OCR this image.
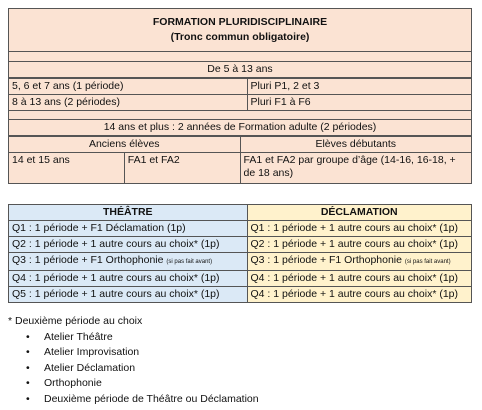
FORMATION PLURIDISCIPLINAIRE
(Tronc commun obligatoire)

De 5 à 13 ans
5, 6 et 7 ans (1 période)	Pluri P1, 2 et 3
8 à 13 ans (2 périodes)	Pluri F1 à F6

14 ans et plus : 2 années de Formation adulte (2 périodes)
Anciens élèves		Elèves débutants
14 et 15 ans	FA1 et FA2	FA1 et FA2 par groupe d’âge (14-16, 16-18, + de 18 ans)
THÉÂTRE	DÉCLAMATION
Q1 : 1 période + F1 Déclamation (1p)	Q1 : 1 période + 1 autre cours au choix* (1p)
Q2 : 1 période + 1 autre cours au choix* (1p)	Q2 : 1 période + 1 autre cours au choix* (1p)
Q3 : 1 période + F1 Orthophonie (si pas fait avant)	Q3 : 1 période + F1 Orthophonie (si pas fait avant)
Q4 : 1 période + 1 autre cours au choix* (1p)	Q4 : 1 période + 1 autre cours au choix* (1p)
Q5 : 1 période + 1 autre cours au choix* (1p)	Q4 : 1 période + 1 autre cours au choix* (1p)
* Deuxième période au choix
• Atelier Théâtre
• Atelier Improvisation
• Atelier Déclamation
• Orthophonie
• Deuxième période de Théâtre ou Déclamation
